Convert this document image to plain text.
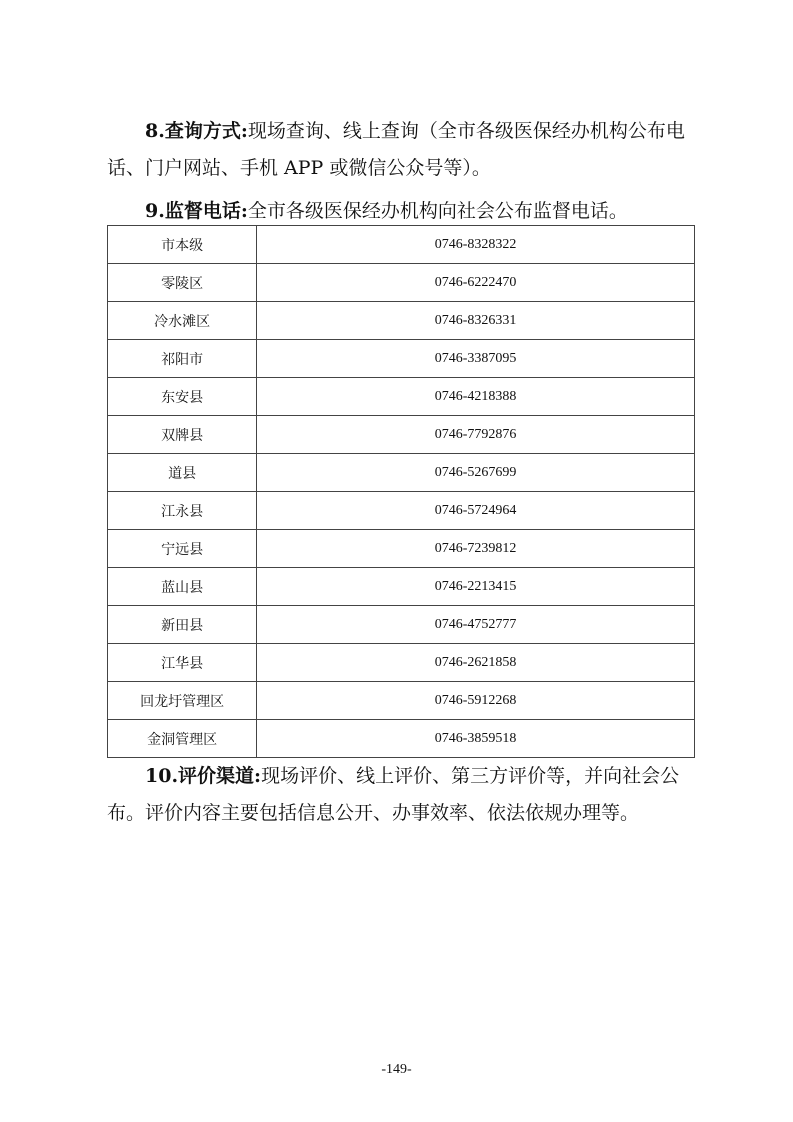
8.查询方式:现场查询、线上查询（全市各级医保经办机构公布电话、门户网站、手机 APP 或微信公众号等）。

9.监督电话:全市各级医保经办机构向社会公布监督电话。

市本级	0746-8328322
零陵区	0746-6222470
冷水滩区	0746-8326331
祁阳市	0746-3387095
东安县	0746-4218388
双牌县	0746-7792876
道县	0746-5267699
江永县	0746-5724964
宁远县	0746-7239812
蓝山县	0746-2213415
新田县	0746-4752777
江华县	0746-2621858
回龙圩管理区	0746-5912268
金洞管理区	0746-3859518

10.评价渠道:现场评价、线上评价、第三方评价等，并向社会公布。评价内容主要包括信息公开、办事效率、依法依规办理等。

-149-
